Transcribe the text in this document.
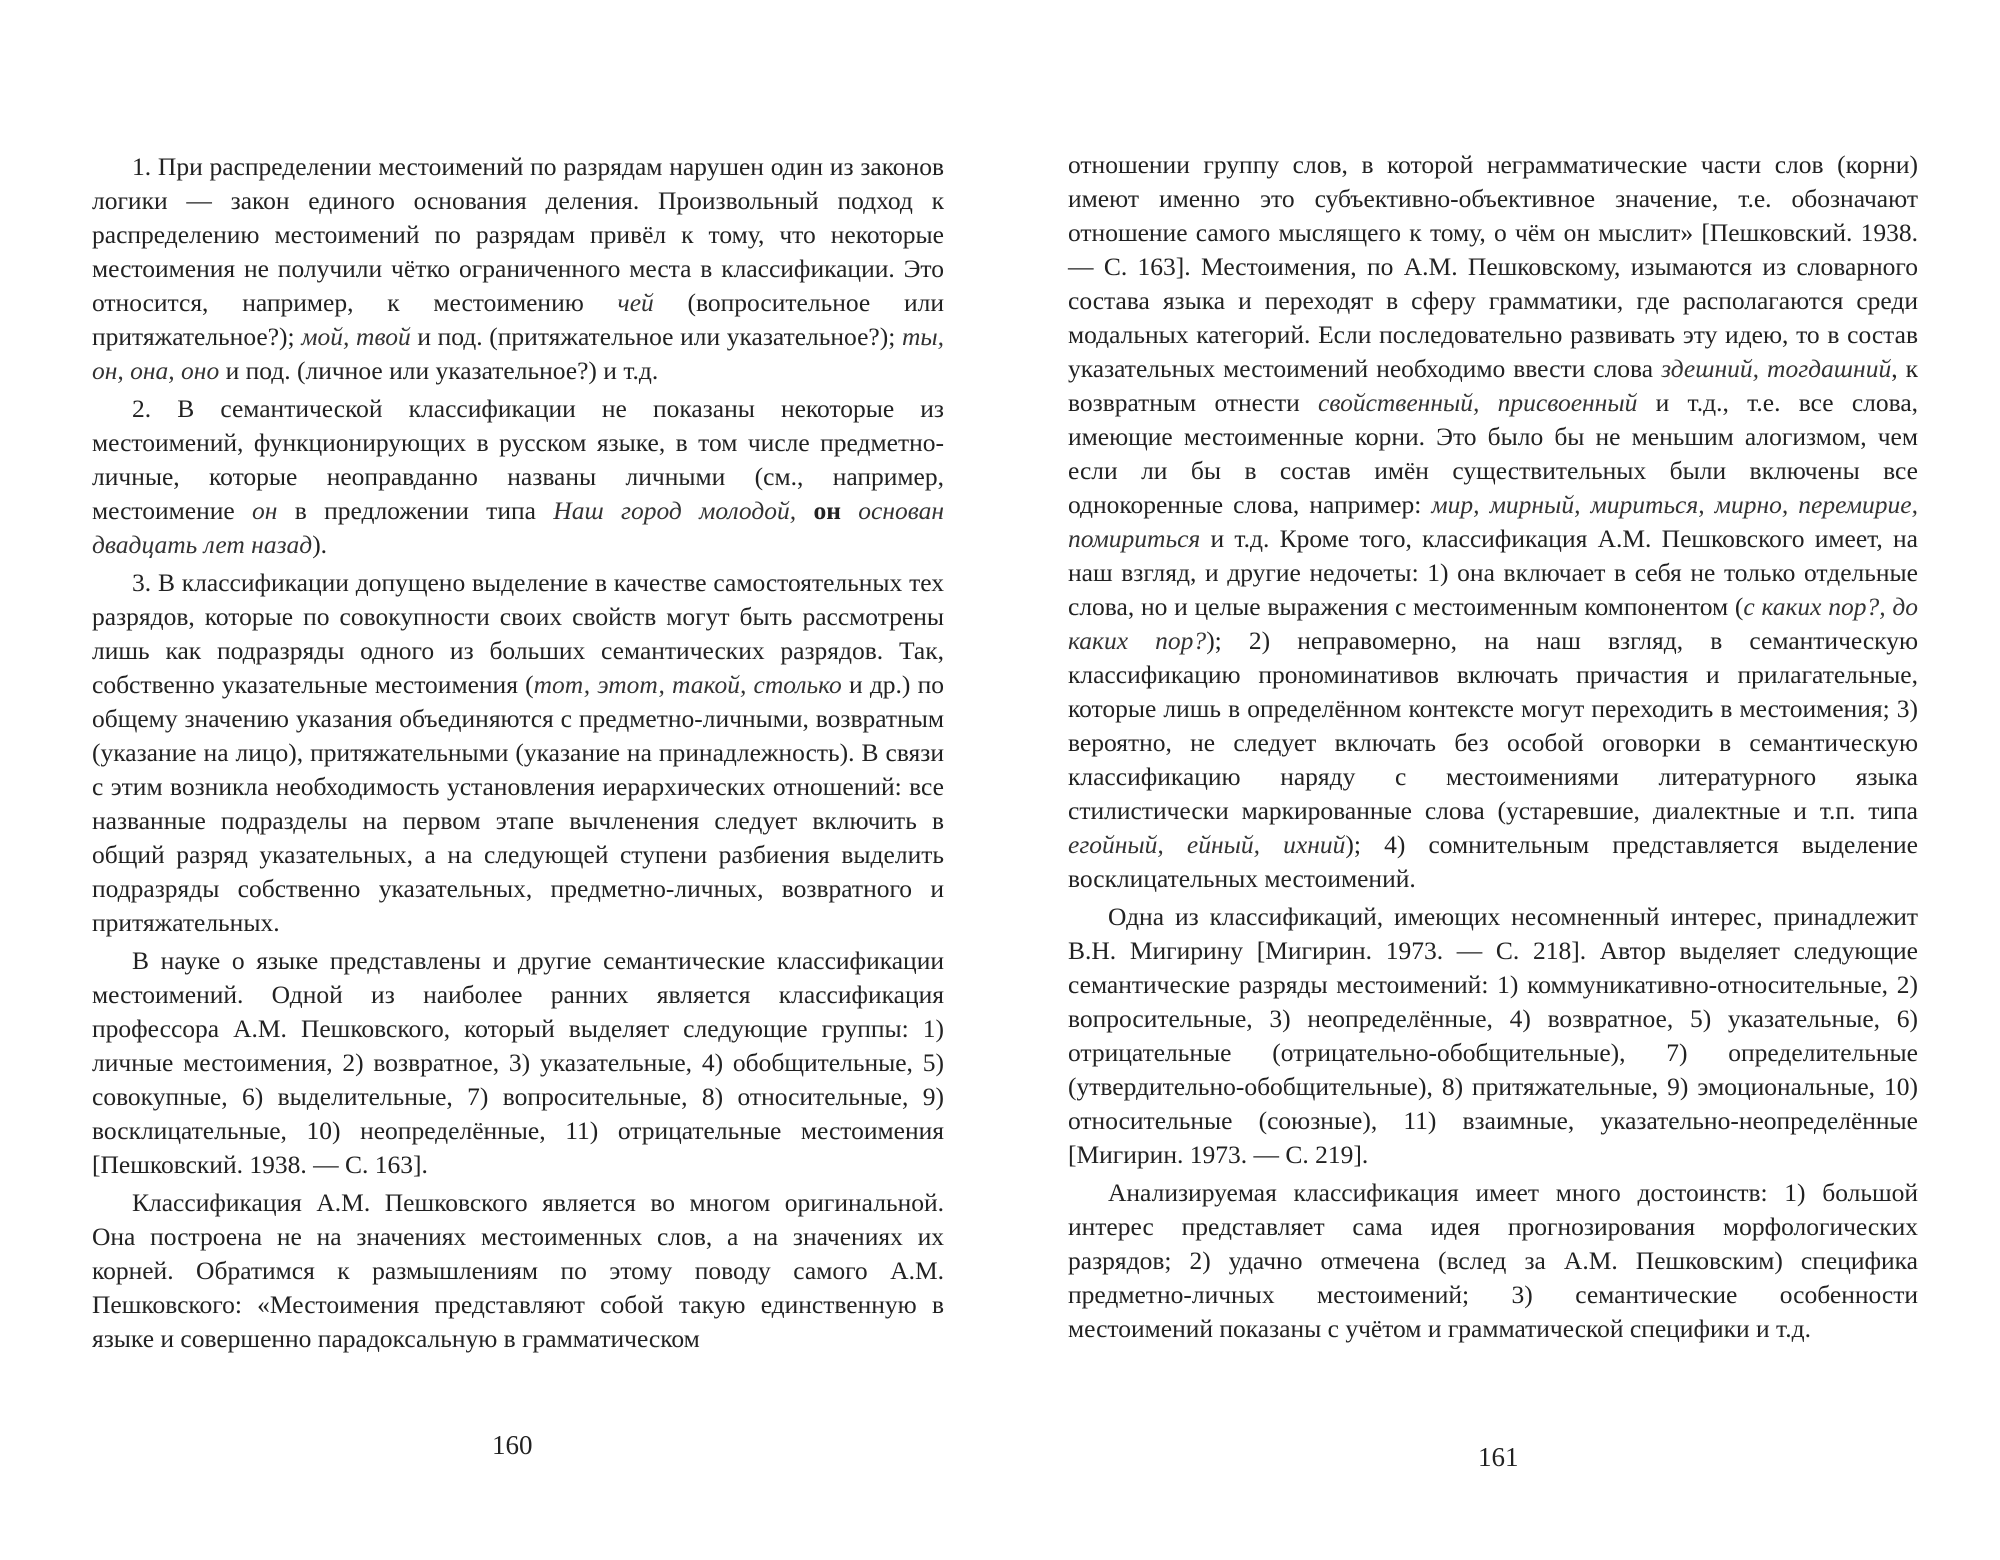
1. При распределении местоимений по разрядам нарушен один из законов логики — закон единого основания деления. Произвольный подход к распределению местоимений по разрядам привёл к тому, что некоторые местоимения не получили чётко ограниченного места в классификации. Это относится, например, к местоимению чей (вопросительное или притяжательное?); мой, твой и под. (притяжательное или указательное?); ты, он, она, оно и под. (личное или указательное?) и т.д.
2. В семантической классификации не показаны некоторые из местоимений, функционирующих в русском языке, в том числе предметно-личные, которые неоправданно названы личными (см., например, местоимение он в предложении типа Наш город молодой, он основан двадцать лет назад).
3. В классификации допущено выделение в качестве самостоятельных тех разрядов, которые по совокупности своих свойств могут быть рассмотрены лишь как подразряды одного из больших семантических разрядов. Так, собственно указательные местоимения (тот, этот, такой, столько и др.) по общему значению указания объединяются с предметно-личными, возвратным (указание на лицо), притяжательными (указание на принадлежность). В связи с этим возникла необходимость установления иерархических отношений: все названные подразделы на первом этапе вычленения следует включить в общий разряд указательных, а на следующей ступени разбиения выделить подразряды собственно указательных, предметно-личных, возвратного и притяжательных.
В науке о языке представлены и другие семантические классификации местоимений. Одной из наиболее ранних является классификация профессора А.М. Пешковского, который выделяет следующие группы: 1) личные местоимения, 2) возвратное, 3) указательные, 4) обобщительные, 5) совокупные, 6) выделительные, 7) вопросительные, 8) относительные, 9) восклицательные, 10) неопределённые, 11) отрицательные местоимения [Пешковский. 1938. — С. 163].
Классификация А.М. Пешковского является во многом оригинальной. Она построена не на значениях местоименных слов, а на значениях их корней. Обратимся к размышлениям по этому поводу самого А.М. Пешковского: «Местоимения представляют собой такую единственную в языке и совершенно парадоксальную в грамматическом
160
отношении группу слов, в которой неграмматические части слов (корни) имеют именно это субъективно-объективное значение, т.е. обозначают отношение самого мыслящего к тому, о чём он мыслит» [Пешковский. 1938. — С. 163]. Местоимения, по А.М. Пешковскому, изымаются из словарного состава языка и переходят в сферу грамматики, где располагаются среди модальных категорий. Если последовательно развивать эту идею, то в состав указательных местоимений необходимо ввести слова здешний, тогдашний, к возвратным отнести свойственный, присвоенный и т.д., т.е. все слова, имеющие местоименные корни. Это было бы не меньшим алогизмом, чем если ли бы в состав имён существительных были включены все однокоренные слова, например: мир, мирный, мириться, мирно, перемирие, помириться и т.д. Кроме того, классификация А.М. Пешковского имеет, на наш взгляд, и другие недочеты: 1) она включает в себя не только отдельные слова, но и целые выражения с местоименным компонентом (с каких пор?, до каких пор?); 2) неправомерно, на наш взгляд, в семантическую классификацию прономинативов включать причастия и прилагательные, которые лишь в определённом контексте могут переходить в местоимения; 3) вероятно, не следует включать без особой оговорки в семантическую классификацию наряду с местоимениями литературного языка стилистически маркированные слова (устаревшие, диалектные и т.п. типа егойный, ейный, ихний); 4) сомнительным представляется выделение восклицательных местоимений.
Одна из классификаций, имеющих несомненный интерес, принадлежит В.Н. Мигирину [Мигирин. 1973. — С. 218]. Автор выделяет следующие семантические разряды местоимений: 1) коммуникативно-относительные, 2) вопросительные, 3) неопределённые, 4) возвратное, 5) указательные, 6) отрицательные (отрицательно-обобщительные), 7) определительные (утвердительно-обобщительные), 8) притяжательные, 9) эмоциональные, 10) относительные (союзные), 11) взаимные, указательно-неопределённые [Мигирин. 1973. — С. 219].
Анализируемая классификация имеет много достоинств: 1) большой интерес представляет сама идея прогнозирования морфологических разрядов; 2) удачно отмечена (вслед за А.М. Пешковским) специфика предметно-личных местоимений; 3) семантические особенности местоимений показаны с учётом и грамматической специфики и т.д.
161
